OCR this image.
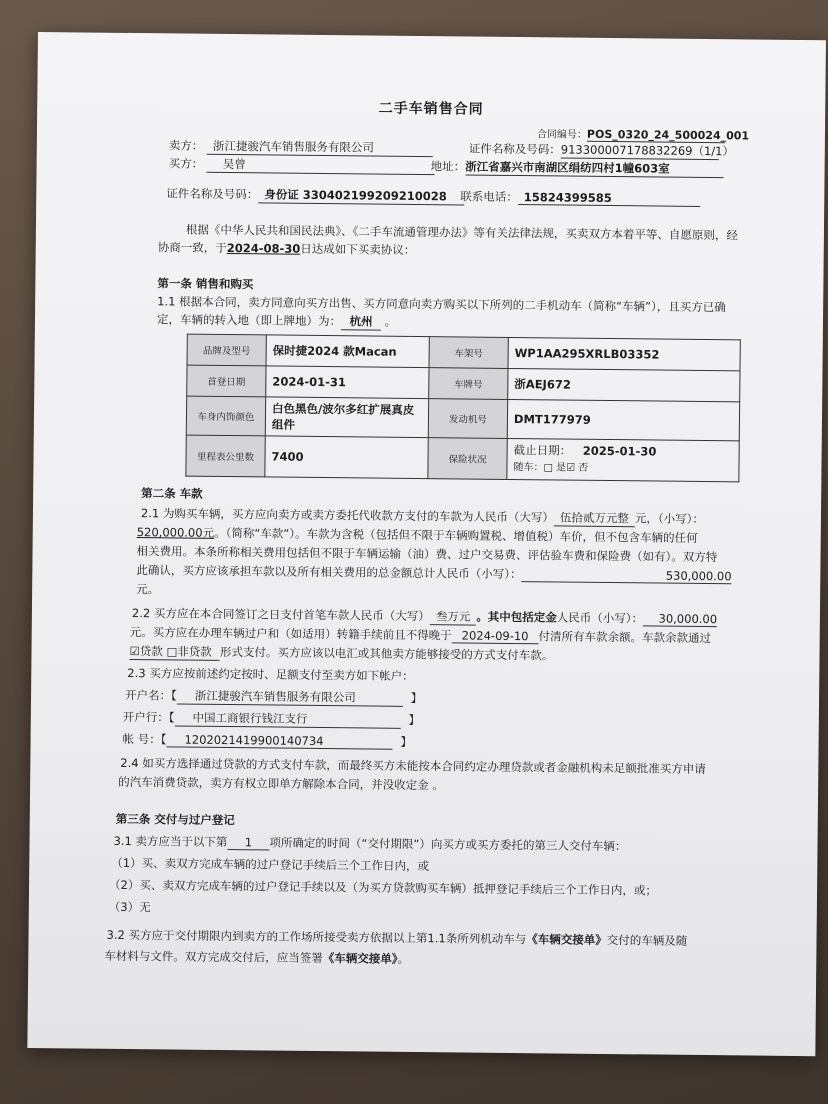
二手车销售合同
合同编号：POS_0320_24_500024_001
卖方： 浙江捷骏汽车销售服务有限公司	证件名称及号码：913300007178832269（1/1）
买方： 吴曾	地址：浙江省嘉兴市南湖区绢纺四村1幢603室
证件名称及号码： 身份证 330402199209210028	联系电话： 15824399585
根据《中华人民共和国民法典》、《二手车流通管理办法》等有关法律法规，买卖双方本着平等、自愿原则，经
协商一致，于2024-08-30日达成如下买卖协议：
第一条 销售和购买
1.1 根据本合同，卖方同意向买方出售、买方同意向卖方购买以下所列的二手机动车（简称“车辆”），且买方已确
定，车辆的转入地（即上牌地）为： 杭州 。
品牌及型号	保时捷2024 款Macan	车架号	WP1AA295XRLB03352
首登日期	2024-01-31	车牌号	浙AEJ672
车身内饰颜色	白色黑色/波尔多红扩展真皮组件	发动机号	DMT177979
里程表公里数	7400	保险状况	截止日期： 2025-01-30
随车：□ 是☑ 否
第二条 车款
2.1 为购买车辆，买方应向卖方或卖方委托代收款方支付的车款为人民币（大写） 伍拾贰万元整 元，（小写）：
520,000.00元。（简称“车款”）。车款为含税（包括但不限于车辆购置税、增值税）车价，但不包含车辆的任何
相关费用。本条所称相关费用包括但不限于车辆运输（油）费、过户交易费、评估验车费和保险费（如有）。双方特
此确认，买方应该承担车款以及所有相关费用的总金额总计人民币（小写）：	530,000.00
元。
2.2 买方应在本合同签订之日支付首笔车款人民币（大写） 叁万元 。其中包括定金人民币（小写）： 30,000.00
元。买方应在办理车辆过户和（如适用）转籍手续前且不得晚于 2024-09-10 付清所有车款余额。车款余款通过
☑贷款 □非贷款 形式支付。买方应该以电汇或其他卖方能够接受的方式支付车款。
2.3 买方应按前述约定按时、足额支付至卖方如下帐户：
开户名：【 浙江捷骏汽车销售服务有限公司	】
开户行：【 中国工商银行钱江支行	】
帐 号：【 1202021419900140734	】
2.4 如买方选择通过贷款的方式支付车款，而最终买方未能按本合同约定办理贷款或者金融机构未足额批准买方申请
的汽车消费贷款，卖方有权立即单方解除本合同，并没收定金 。
第三条 交付与过户登记
3.1 卖方应当于以下第 1 项所确定的时间（“交付期限”）向买方或买方委托的第三人交付车辆：
（1）买、卖双方完成车辆的过户登记手续后三个工作日内，或
（2）买、卖双方完成车辆的过户登记手续以及（为买方贷款购买车辆）抵押登记手续后三个工作日内，或；
（3）无
3.2 买方应于交付期限内到卖方的工作场所接受卖方依据以上第1.1条所列机动车与《车辆交接单》交付的车辆及随
车材料与文件。双方完成交付后，应当签署《车辆交接单》。
